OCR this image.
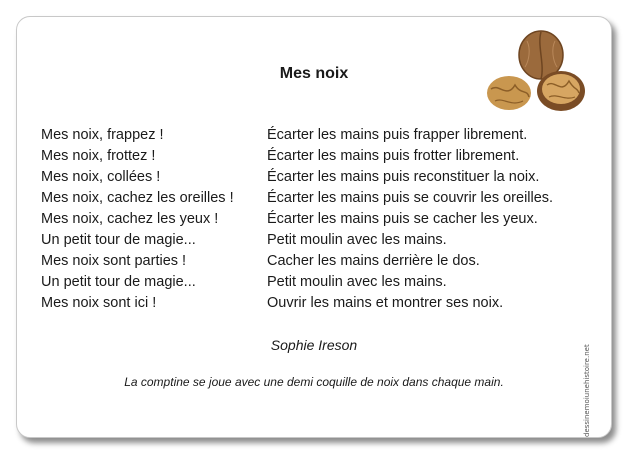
Mes noix
Mes noix, frappez !
Mes noix, frottez !
Mes noix, collées !
Mes noix, cachez les oreilles !
Mes noix, cachez les yeux !
Un petit tour de magie...
Mes noix sont parties !
Un petit tour de magie...
Mes noix sont ici !
Écarter les mains puis frapper librement.
Écarter les mains puis frotter librement.
Écarter les mains puis reconstituer la noix.
Écarter les mains puis se couvrir les oreilles.
Écarter les mains puis se cacher les yeux.
Petit moulin avec les mains.
Cacher les mains derrière le dos.
Petit moulin avec les mains.
Ouvrir les mains et montrer ses noix.
Sophie Ireson
La comptine se joue avec une demi coquille de noix dans chaque main.	dessinemoiunehistoire.net
